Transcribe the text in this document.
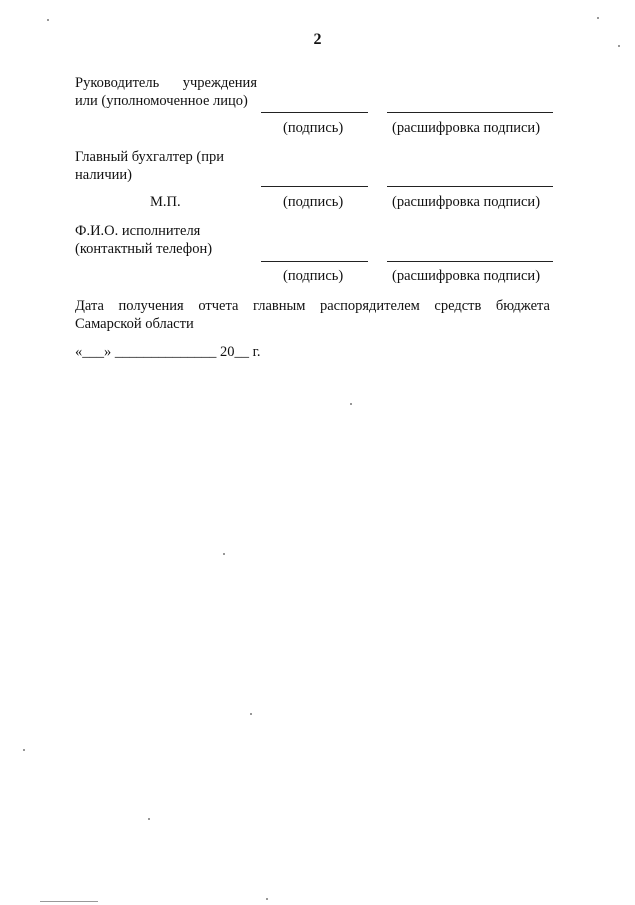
2
Руководитель учреждения
или (уполномоченное лицо)
(подпись)	(расшифровка подписи)
Главный бухгалтер (при
наличии)
М.П.	(подпись)	(расшифровка подписи)
Ф.И.О. исполнителя
(контактный телефон)
(подпись)	(расшифровка подписи)
Дата получения отчета главным распорядителем средств бюджета
Самарской области
«___» ______________ 20__ г.
